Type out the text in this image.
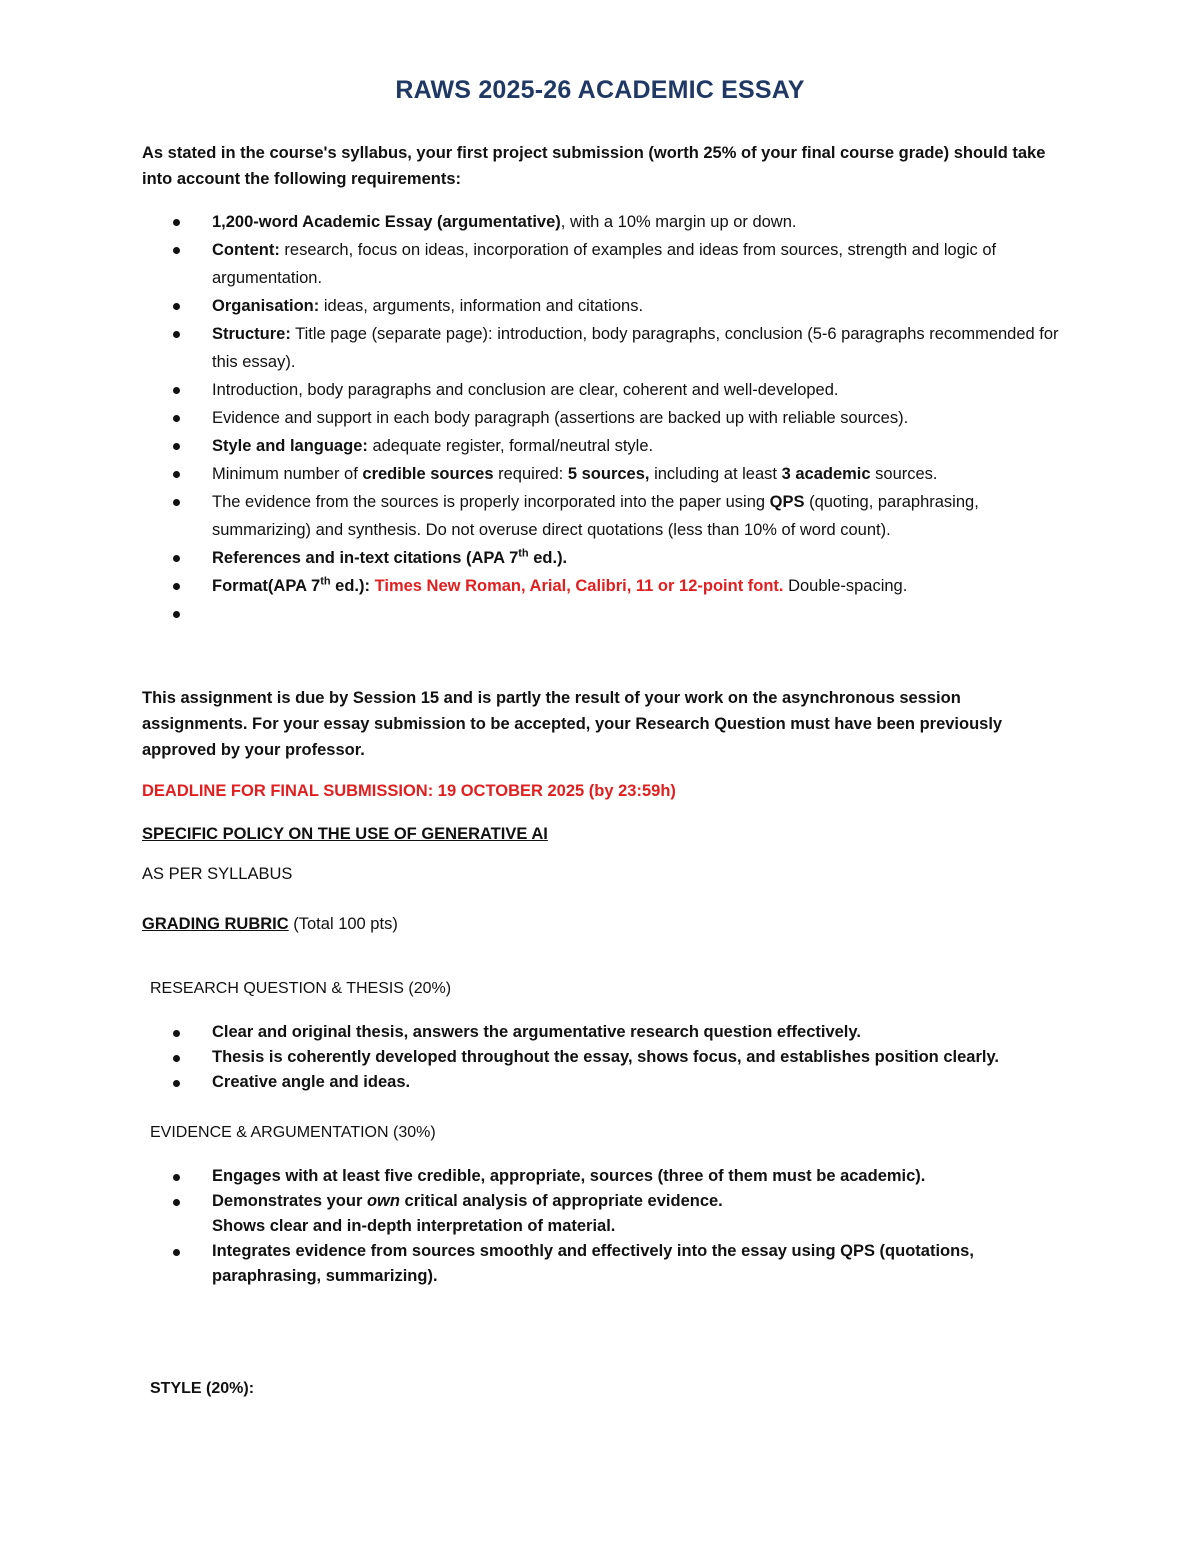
RAWS 2025-26 ACADEMIC ESSAY
As stated in the course's syllabus, your first project submission (worth 25% of your final course grade) should take into account the following requirements:
1,200-word Academic Essay (argumentative), with a 10% margin up or down.
Content: research, focus on ideas, incorporation of examples and ideas from sources, strength and logic of argumentation.
Organisation: ideas, arguments, information and citations.
Structure: Title page (separate page): introduction, body paragraphs, conclusion (5-6 paragraphs recommended for this essay).
Introduction, body paragraphs and conclusion are clear, coherent and well-developed.
Evidence and support in each body paragraph (assertions are backed up with reliable sources).
Style and language: adequate register, formal/neutral style.
Minimum number of credible sources required: 5 sources, including at least 3 academic sources.
The evidence from the sources is properly incorporated into the paper using QPS (quoting, paraphrasing, summarizing) and synthesis. Do not overuse direct quotations (less than 10% of word count).
References and in-text citations (APA 7th ed.).
Format(APA 7th ed.): Times New Roman, Arial, Calibri, 11 or 12-point font. Double-spacing.
This assignment is due by Session 15 and is partly the result of your work on the asynchronous session assignments. For your essay submission to be accepted, your Research Question must have been previously approved by your professor.
DEADLINE FOR FINAL SUBMISSION: 19 OCTOBER 2025 (by 23:59h)
SPECIFIC POLICY ON THE USE OF GENERATIVE AI
AS PER SYLLABUS
GRADING RUBRIC (Total 100 pts)
RESEARCH QUESTION & THESIS (20%)
Clear and original thesis, answers the argumentative research question effectively.
Thesis is coherently developed throughout the essay, shows focus, and establishes position clearly.
Creative angle and ideas.
EVIDENCE & ARGUMENTATION (30%)
Engages with at least five credible, appropriate, sources (three of them must be academic).
Demonstrates your own critical analysis of appropriate evidence.
Shows clear and in-depth interpretation of material.
Integrates evidence from sources smoothly and effectively into the essay using QPS (quotations, paraphrasing, summarizing).
STYLE (20%):
